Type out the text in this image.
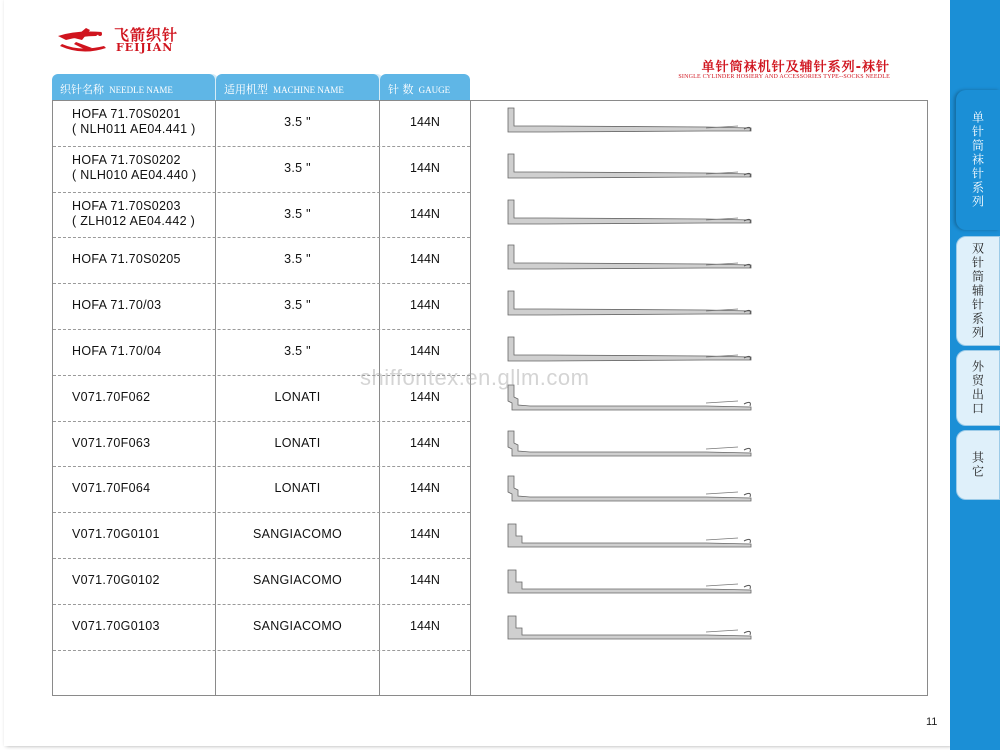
飞箭织针
FEIJIAN
单针筒袜机针及辅针系列-袜针
SINGLE CYLINDER HOSIERY AND ACCESSORIES TYPE--SOCKS NEEDLE
织针名称 NEEDLE NAME	适用机型 MACHINE NAME	针 数 GAUGE
HOFA 71.70S0201
( NLH011 AE04.441 )	3.5 "	144N
HOFA 71.70S0202
( NLH010 AE04.440 )	3.5 "	144N
HOFA 71.70S0203
( ZLH012 AE04.442 )	3.5 "	144N
HOFA 71.70S0205	3.5 "	144N
HOFA 71.70/03	3.5 "	144N
HOFA 71.70/04	3.5 "	144N
V071.70F062	LONATI	144N
V071.70F063	LONATI	144N
V071.70F064	LONATI	144N
V071.70G0101	SANGIACOMO	144N
V071.70G0102	SANGIACOMO	144N
V071.70G0103	SANGIACOMO	144N
shiffontex.en.gllm.com
11
单针筒袜针系列
双针筒辅针系列
外贸出口
其它
